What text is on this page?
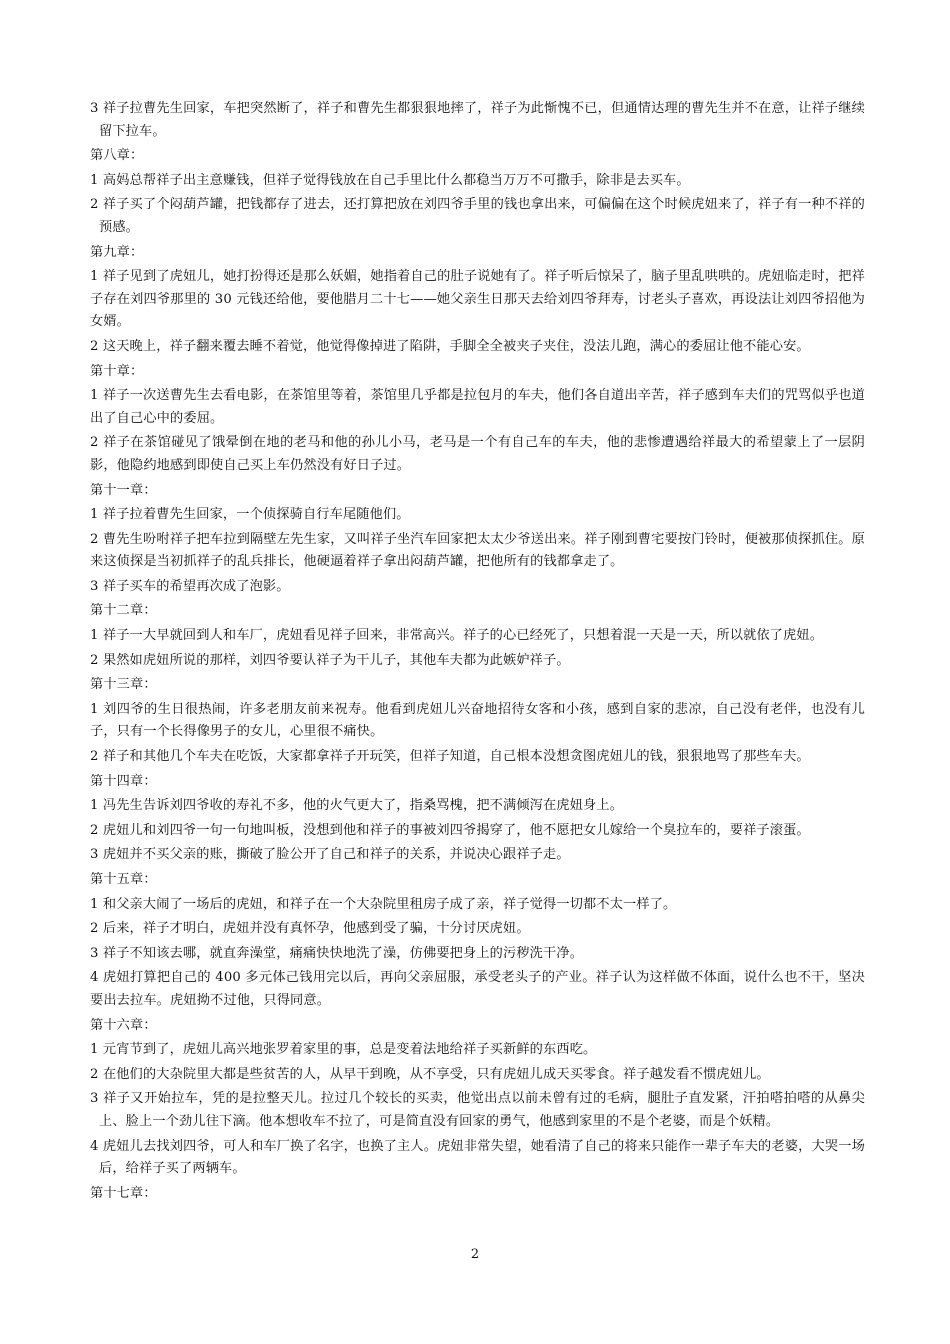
3 祥子拉曹先生回家，车把突然断了，祥子和曹先生都狠狠地摔了，祥子为此惭愧不已，但通情达理的曹先生并不在意，让祥子继续留下拉车。

第八章：

1 高妈总帮祥子出主意赚钱，但祥子觉得钱放在自己手里比什么都稳当万万不可撒手，除非是去买车。

2 祥子买了个闷葫芦罐，把钱都存了进去，还打算把放在刘四爷手里的钱也拿出来，可偏偏在这个时候虎妞来了，祥子有一种不祥的预感。

第九章：

1 祥子见到了虎妞儿，她打扮得还是那么妖媚，她指着自己的肚子说她有了。祥子听后惊呆了，脑子里乱哄哄的。虎妞临走时，把祥子存在刘四爷那里的 30 元钱还给他，要他腊月二十七——她父亲生日那天去给刘四爷拜寿，讨老头子喜欢，再设法让刘四爷招他为女婿。

2 这天晚上，祥子翻来覆去睡不着觉，他觉得像掉进了陷阱，手脚全全被夹子夹住，没法儿跑，满心的委屈让他不能心安。

第十章：

1 祥子一次送曹先生去看电影，在茶馆里等着，茶馆里几乎都是拉包月的车夫，他们各自道出辛苦，祥子感到车夫们的咒骂似乎也道出了自己心中的委屈。

2 祥子在茶馆碰见了饿晕倒在地的老马和他的孙儿小马，老马是一个有自己车的车夫，他的悲惨遭遇给祥最大的希望蒙上了一层阴影，他隐约地感到即使自己买上车仍然没有好日子过。

第十一章：

1 祥子拉着曹先生回家，一个侦探骑自行车尾随他们。

2 曹先生吩咐祥子把车拉到隔壁左先生家，又叫祥子坐汽车回家把太太少爷送出来。祥子刚到曹宅要按门铃时，便被那侦探抓住。原来这侦探是当初抓祥子的乱兵排长，他硬逼着祥子拿出闷葫芦罐，把他所有的钱都拿走了。

3 祥子买车的希望再次成了泡影。

第十二章：

1 祥子一大早就回到人和车厂，虎妞看见祥子回来，非常高兴。祥子的心已经死了，只想着混一天是一天，所以就依了虎妞。

2 果然如虎妞所说的那样，刘四爷要认祥子为干儿子，其他车夫都为此嫉妒祥子。

第十三章：

1 刘四爷的生日很热闹，许多老朋友前来祝寿。他看到虎妞儿兴奋地招待女客和小孩，感到自家的悲凉，自己没有老伴，也没有儿子，只有一个长得像男子的女儿，心里很不痛快。

2 祥子和其他几个车夫在吃饭，大家都拿祥子开玩笑，但祥子知道，自己根本没想贪图虎妞儿的钱，狠狠地骂了那些车夫。

第十四章：

1 冯先生告诉刘四爷收的寿礼不多，他的火气更大了，指桑骂槐，把不满倾泻在虎妞身上。

2 虎妞儿和刘四爷一句一句地叫板，没想到他和祥子的事被刘四爷揭穿了，他不愿把女儿嫁给一个臭拉车的，要祥子滚蛋。

3 虎妞并不买父亲的账，撕破了脸公开了自己和祥子的关系，并说决心跟祥子走。

第十五章：

1 和父亲大闹了一场后的虎妞，和祥子在一个大杂院里租房子成了亲，祥子觉得一切都不太一样了。

2 后来，祥子才明白，虎妞并没有真怀孕，他感到受了骗，十分讨厌虎妞。

3 祥子不知该去哪，就直奔澡堂，痛痛快快地洗了澡，仿佛要把身上的污秽洗干净。

4 虎妞打算把自己的 400 多元体己钱用完以后，再向父亲屈服，承受老头子的产业。祥子认为这样做不体面，说什么也不干，坚决要出去拉车。虎妞拗不过他，只得同意。

第十六章：

1 元宵节到了，虎妞儿高兴地张罗着家里的事，总是变着法地给祥子买新鲜的东西吃。

2 在他们的大杂院里大都是些贫苦的人，从早干到晚，从不享受，只有虎妞儿成天买零食。祥子越发看不惯虎妞儿。

3 祥子又开始拉车，凭的是拉整天儿。拉过几个较长的买卖，他觉出点以前未曾有过的毛病，腿肚子直发紧，汗拍嗒拍嗒的从鼻尖上、脸上一个劲儿往下滴。他本想收车不拉了，可是简直没有回家的勇气，他感到家里的不是个老婆，而是个妖精。

4 虎妞儿去找刘四爷，可人和车厂换了名字，也换了主人。虎妞非常失望，她看清了自己的将来只能作一辈子车夫的老婆，大哭一场后，给祥子买了两辆车。

第十七章：

2
